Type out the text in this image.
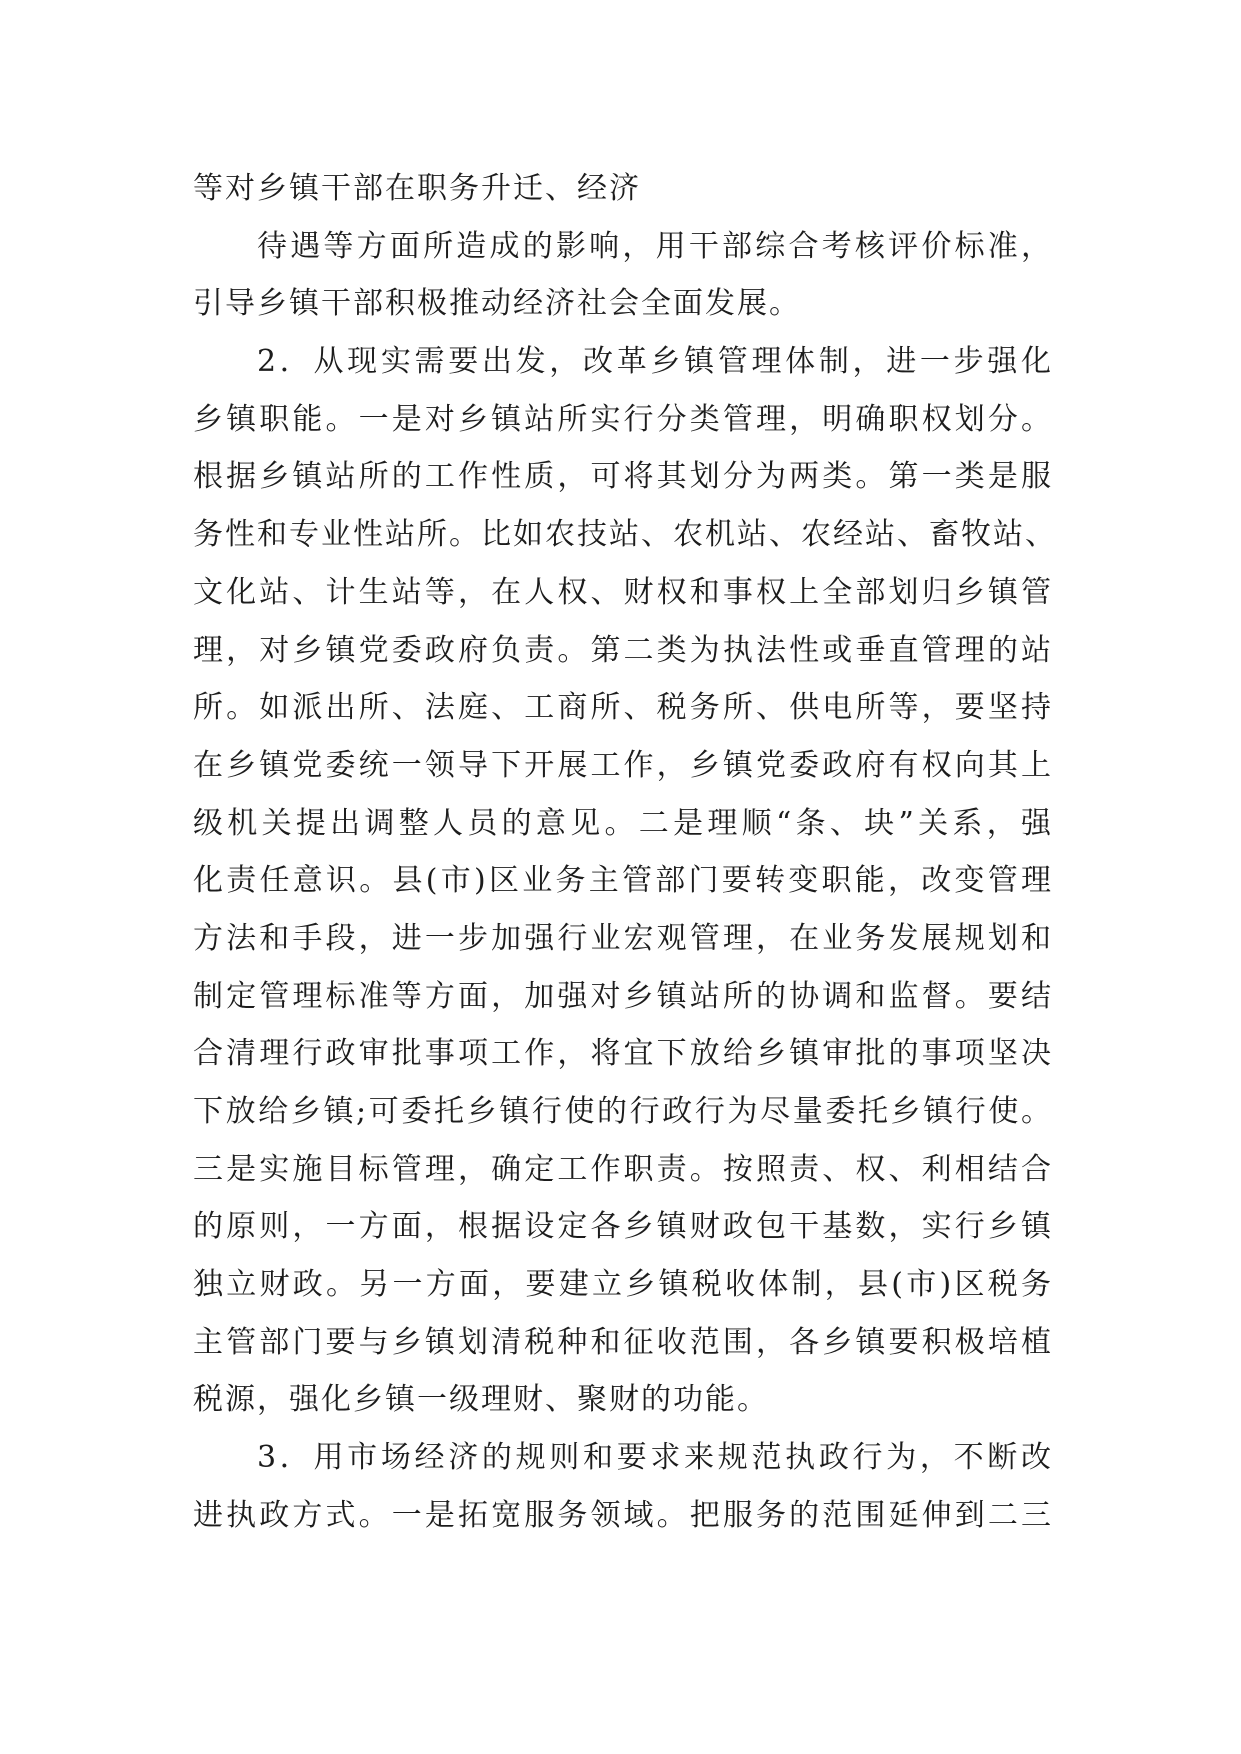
等对乡镇干部在职务升迁、经济
待遇等方面所造成的影响，用干部综合考核评价标准，
引导乡镇干部积极推动经济社会全面发展。
2．从现实需要出发，改革乡镇管理体制，进一步强化
乡镇职能。一是对乡镇站所实行分类管理，明确职权划分。
根据乡镇站所的工作性质，可将其划分为两类。第一类是服
务性和专业性站所。比如农技站、农机站、农经站、畜牧站、
文化站、计生站等，在人权、财权和事权上全部划归乡镇管
理，对乡镇党委政府负责。第二类为执法性或垂直管理的站
所。如派出所、法庭、工商所、税务所、供电所等，要坚持
在乡镇党委统一领导下开展工作，乡镇党委政府有权向其上
级机关提出调整人员的意见。二是理顺“条、块”关系，强
化责任意识。县(市)区业务主管部门要转变职能，改变管理
方法和手段，进一步加强行业宏观管理，在业务发展规划和
制定管理标准等方面，加强对乡镇站所的协调和监督。要结
合清理行政审批事项工作，将宜下放给乡镇审批的事项坚决
下放给乡镇;可委托乡镇行使的行政行为尽量委托乡镇行使。
三是实施目标管理，确定工作职责。按照责、权、利相结合
的原则，一方面，根据设定各乡镇财政包干基数，实行乡镇
独立财政。另一方面，要建立乡镇税收体制，县(市)区税务
主管部门要与乡镇划清税种和征收范围，各乡镇要积极培植
税源，强化乡镇一级理财、聚财的功能。
3．用市场经济的规则和要求来规范执政行为，不断改
进执政方式。一是拓宽服务领域。把服务的范围延伸到二三
